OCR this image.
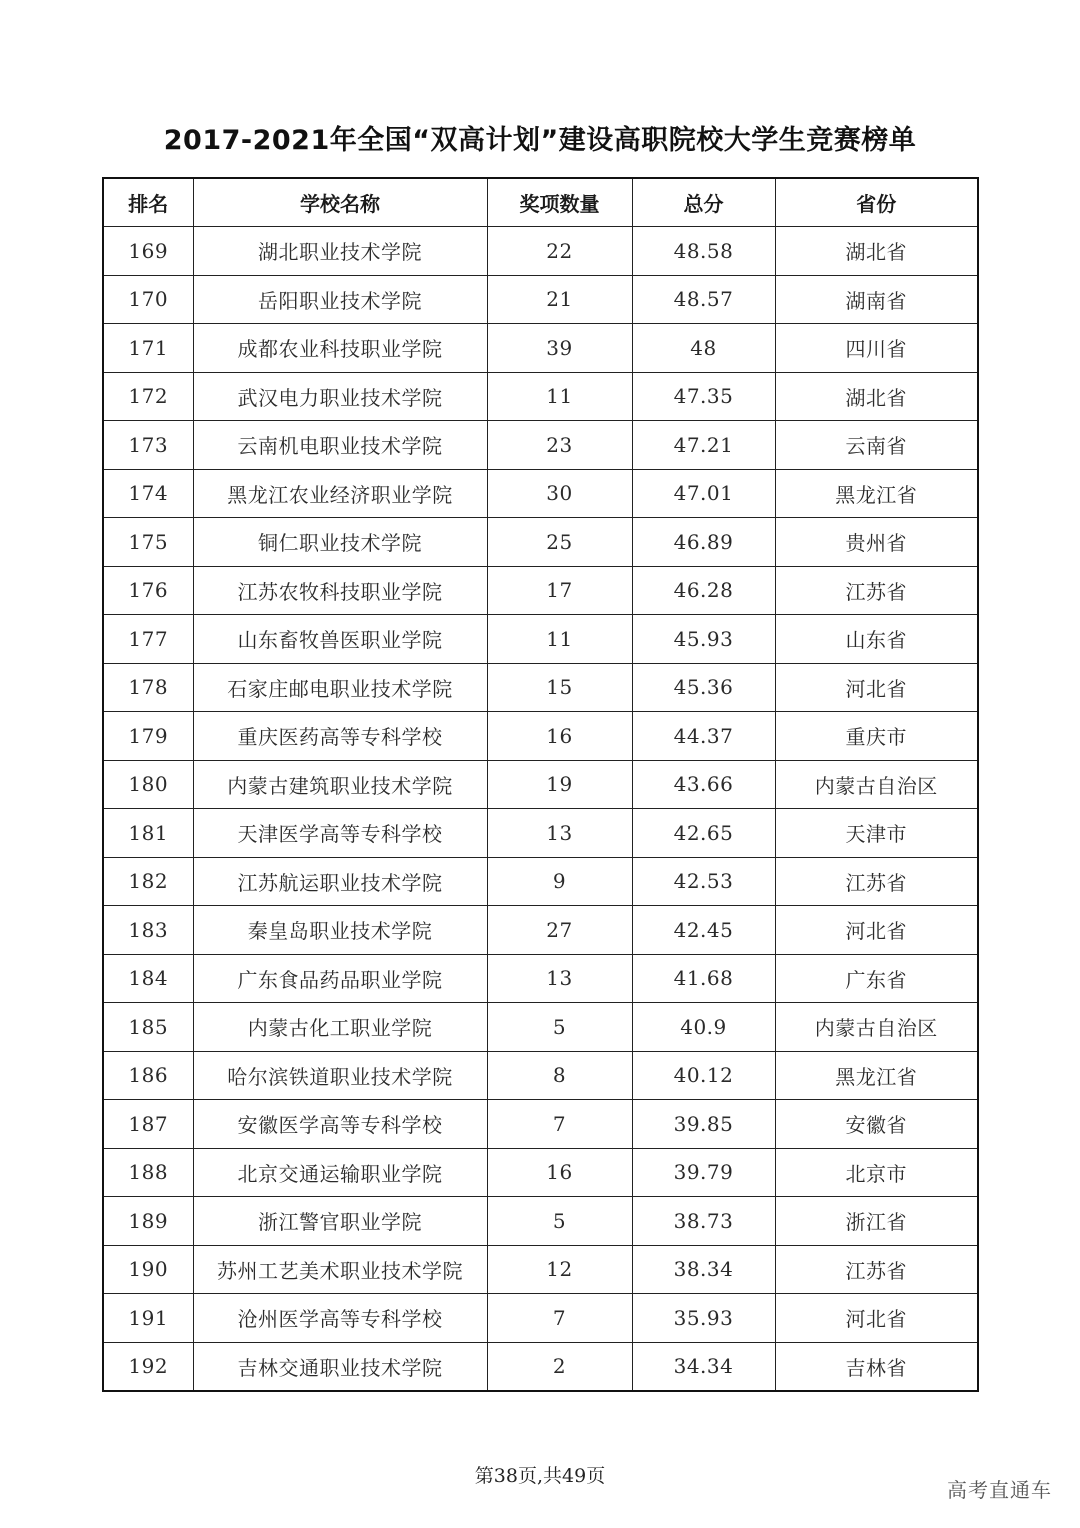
2017-2021年全国“双高计划”建设高职院校大学生竞赛榜单
排名	学校名称	奖项数量	总分	省份
169	湖北职业技术学院	22	48.58	湖北省
170	岳阳职业技术学院	21	48.57	湖南省
171	成都农业科技职业学院	39	48	四川省
172	武汉电力职业技术学院	11	47.35	湖北省
173	云南机电职业技术学院	23	47.21	云南省
174	黑龙江农业经济职业学院	30	47.01	黑龙江省
175	铜仁职业技术学院	25	46.89	贵州省
176	江苏农牧科技职业学院	17	46.28	江苏省
177	山东畜牧兽医职业学院	11	45.93	山东省
178	石家庄邮电职业技术学院	15	45.36	河北省
179	重庆医药高等专科学校	16	44.37	重庆市
180	内蒙古建筑职业技术学院	19	43.66	内蒙古自治区
181	天津医学高等专科学校	13	42.65	天津市
182	江苏航运职业技术学院	9	42.53	江苏省
183	秦皇岛职业技术学院	27	42.45	河北省
184	广东食品药品职业学院	13	41.68	广东省
185	内蒙古化工职业学院	5	40.9	内蒙古自治区
186	哈尔滨铁道职业技术学院	8	40.12	黑龙江省
187	安徽医学高等专科学校	7	39.85	安徽省
188	北京交通运输职业学院	16	39.79	北京市
189	浙江警官职业学院	5	38.73	浙江省
190	苏州工艺美术职业技术学院	12	38.34	江苏省
191	沧州医学高等专科学校	7	35.93	河北省
192	吉林交通职业技术学院	2	34.34	吉林省
第38页,共49页
高考直通车
